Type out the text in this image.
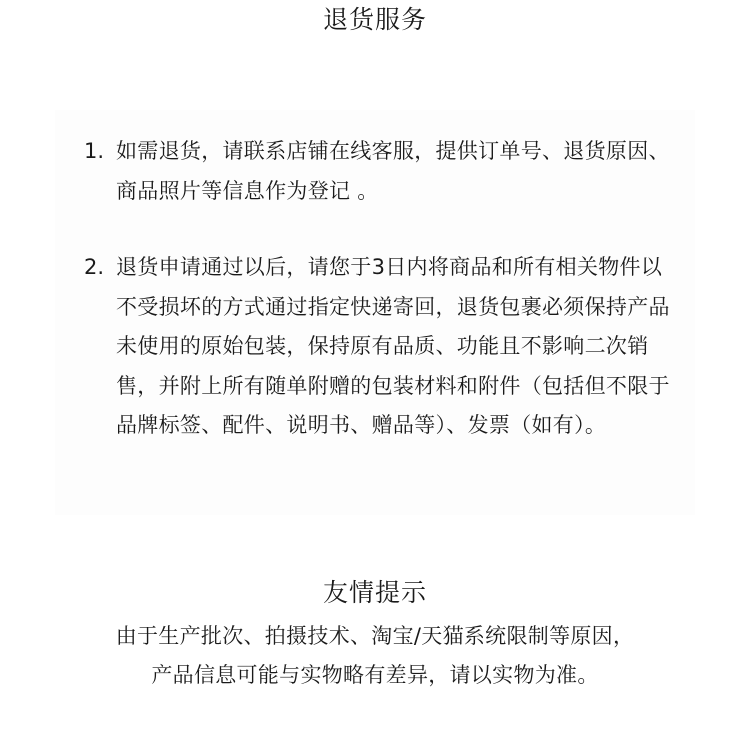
退货服务
1. 如需退货，请联系店铺在线客服，提供订单号、退货原因、商品照片等信息作为登记 。
2. 退货申请通过以后，请您于3日内将商品和所有相关物件以不受损坏的方式通过指定快递寄回，退货包裹必须保持产品未使用的原始包装，保持原有品质、功能且不影响二次销售，并附上所有随单附赠的包装材料和附件（包括但不限于品牌标签、配件、说明书、赠品等）、发票（如有）。
友情提示
由于生产批次、拍摄技术、淘宝/天猫系统限制等原因，
产品信息可能与实物略有差异，请以实物为准。
